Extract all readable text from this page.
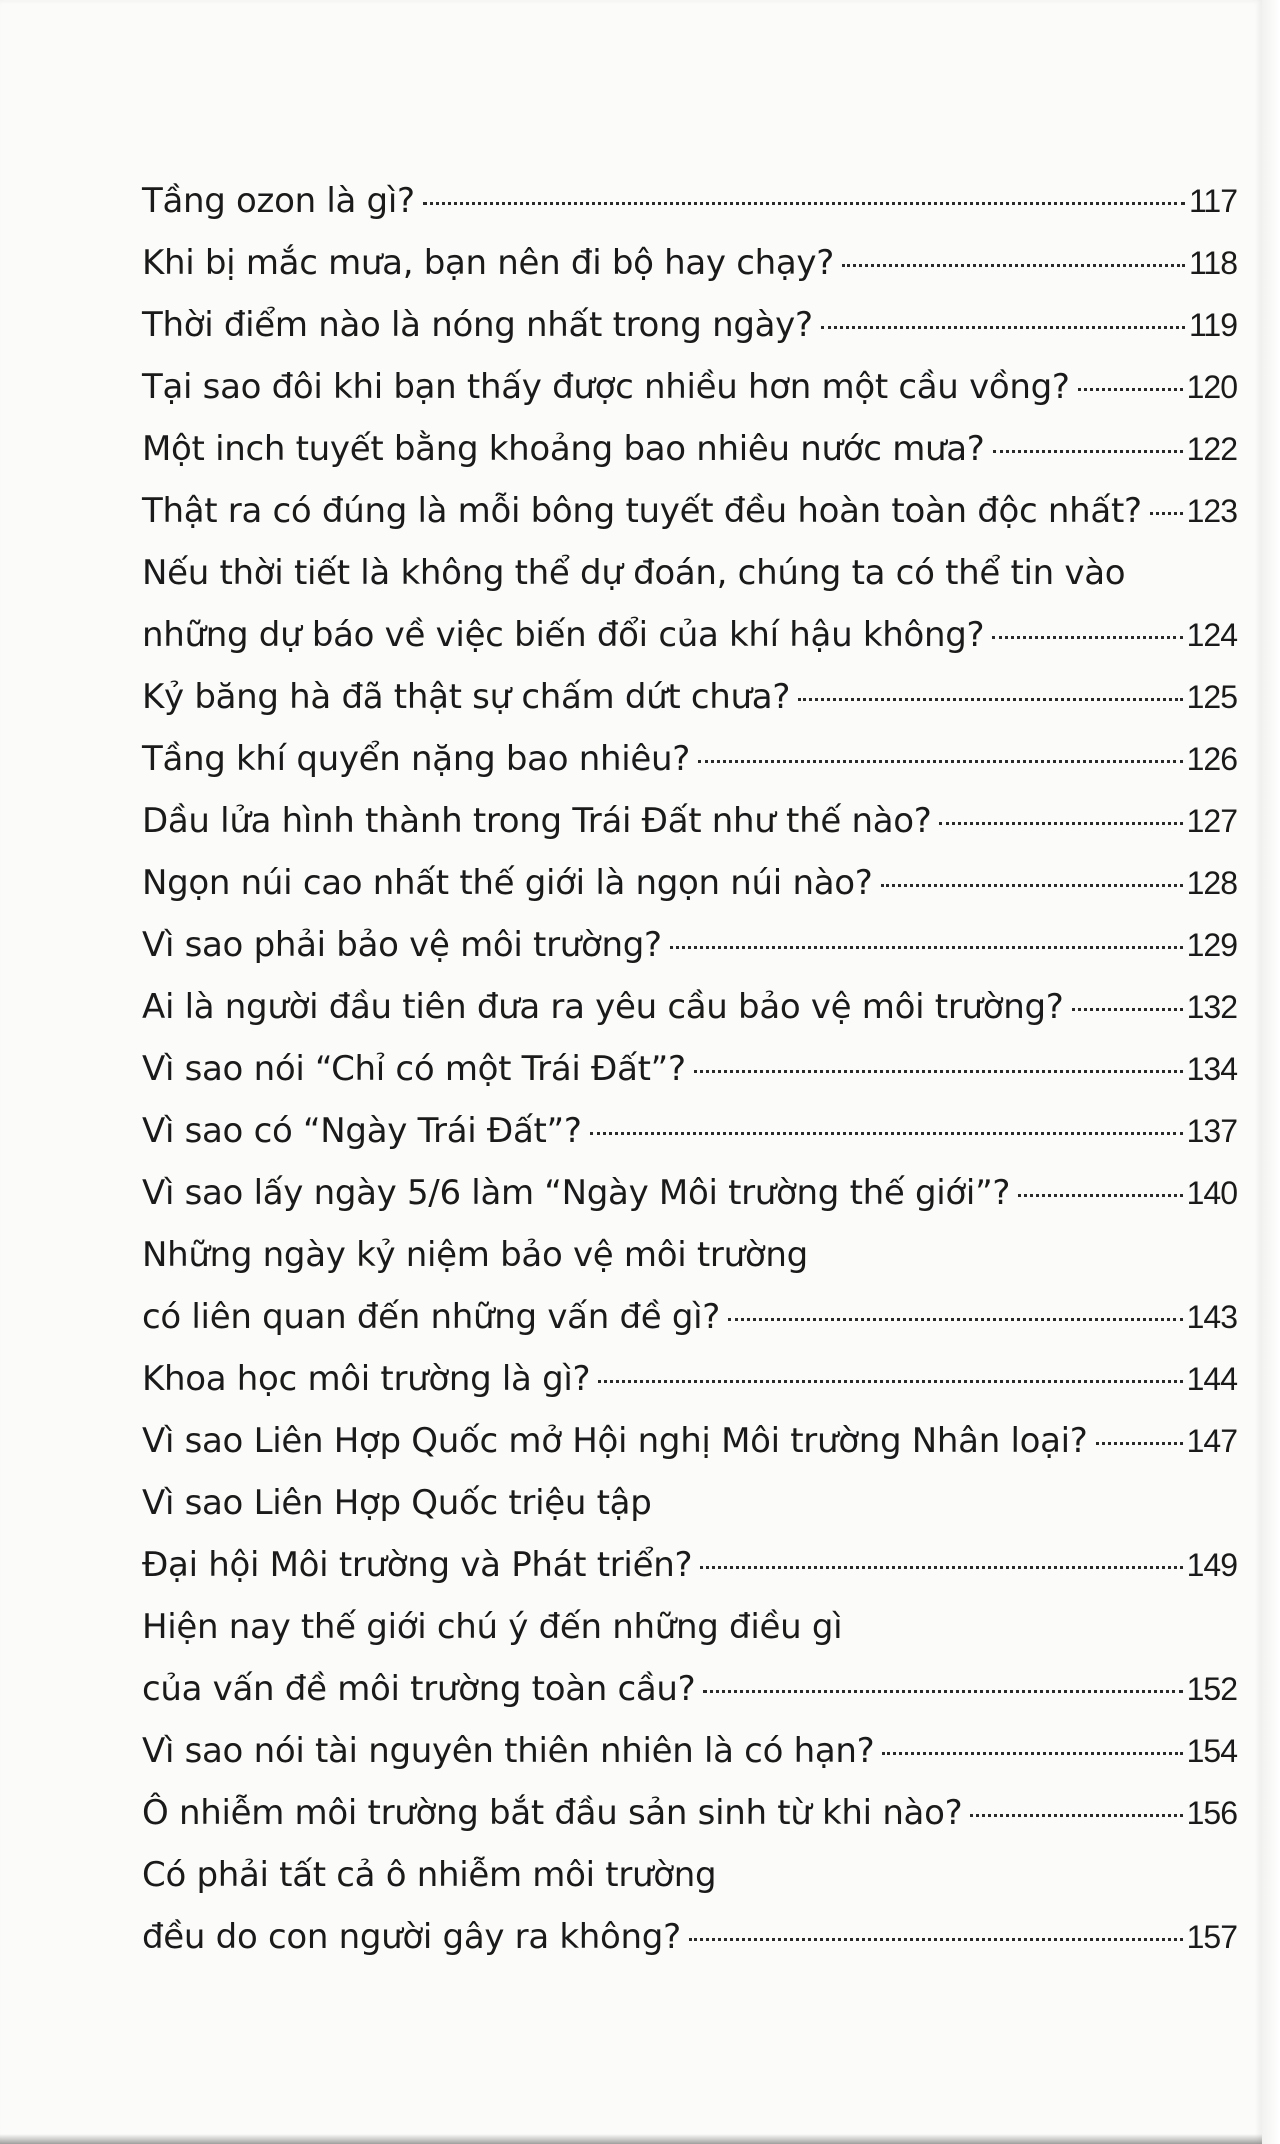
Tầng ozon là gì?	117
Khi bị mắc mưa, bạn nên đi bộ hay chạy?	118
Thời điểm nào là nóng nhất trong ngày?	119
Tại sao đôi khi bạn thấy được nhiều hơn một cầu vồng?	120
Một inch tuyết bằng khoảng bao nhiêu nước mưa?	122
Thật ra có đúng là mỗi bông tuyết đều hoàn toàn độc nhất? 123
Nếu thời tiết là không thể dự đoán, chúng ta có thể tin vào
những dự báo về việc biến đổi của khí hậu không?	124
Kỷ băng hà đã thật sự chấm dứt chưa?	125
Tầng khí quyển nặng bao nhiêu?	126
Dầu lửa hình thành trong Trái Đất như thế nào?	127
Ngọn núi cao nhất thế giới là ngọn núi nào?	128
Vì sao phải bảo vệ môi trường?	129
Ai là người đầu tiên đưa ra yêu cầu bảo vệ môi trường?	132
Vì sao nói “Chỉ có một Trái Đất”?	134
Vì sao có “Ngày Trái Đất”?	137
Vì sao lấy ngày 5/6 làm “Ngày Môi trường thế giới”?	140
Những ngày kỷ niệm bảo vệ môi trường
có liên quan đến những vấn đề gì?	143
Khoa học môi trường là gì?	144
Vì sao Liên Hợp Quốc mở Hội nghị Môi trường Nhân loại?	147
Vì sao Liên Hợp Quốc triệu tập
Đại hội Môi trường và Phát triển?	149
Hiện nay thế giới chú ý đến những điều gì
của vấn đề môi trường toàn cầu?	152
Vì sao nói tài nguyên thiên nhiên là có hạn?	154
Ô nhiễm môi trường bắt đầu sản sinh từ khi nào?	156
Có phải tất cả ô nhiễm môi trường
đều do con người gây ra không?	157
